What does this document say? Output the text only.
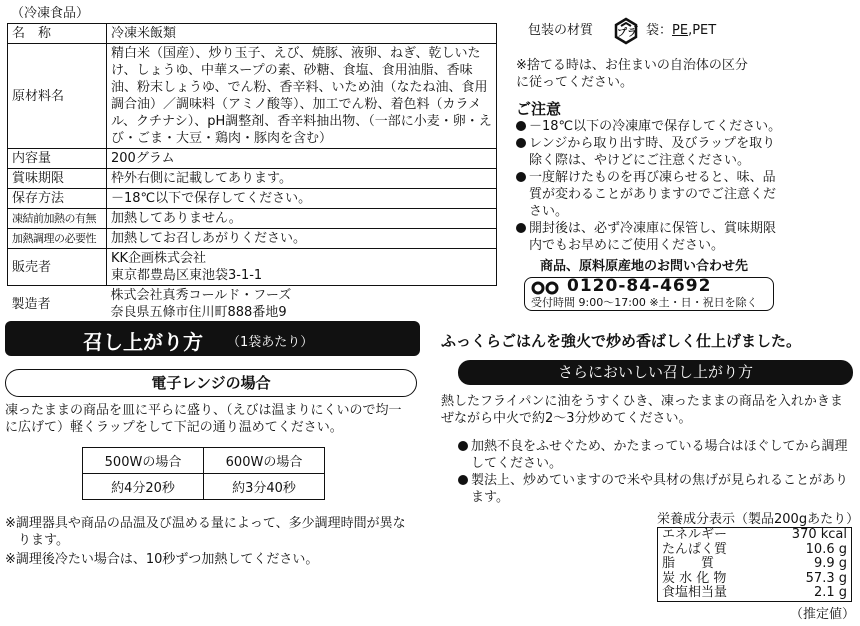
（冷凍食品）
名　称	冷凍米飯類

原材料名	精白米（国産）、炒り玉子、えび、焼豚、液卵、ねぎ、乾しいたけ、しょうゆ、中華スープの素、砂糖、食塩、食用油脂、香味油、粉末しょうゆ、でん粉、香辛料、いため油（なたね油、食用調合油）／調味料（アミノ酸等）、加工でん粉、着色料（カラメル、クチナシ）、pH調整剤、香辛料抽出物、（一部に小麦・卵・えび・ごま・大豆・鶏肉・豚肉を含む）

内容量	200グラム

賞味期限	枠外右側に記載してあります。

保存方法	－18℃以下で保存してください。
凍結前加熱の有無	加熱してありません。
加熱調理の必要性	加熱してお召しあがりください。

販売者	KK企画株式会社
東京都豊島区東池袋3-1-1

製造者	株式会社真秀コールド・フーズ
奈良県五條市住川町888番地9
包装の材質 プラ 袋：PE,PET
※捨てる時は、お住まいの自治体の区分に従ってください。
ご注意
－18℃以下の冷凍庫で保存してください。
レンジから取り出す時、及びラップを取り除く際は、やけどにご注意ください。
一度解けたものを再び凍らせると、味、品質が変わることがありますのでご注意ください。
開封後は、必ず冷凍庫に保管し、賞味期限内でもお早めにご使用ください。
商品、原料原産地のお問い合わせ先
0120-84-4692
受付時間 9:00～17:00 ※土・日・祝日を除く
召し上がり方 （1袋あたり）	ふっくらごはんを強火で炒め香ばしく仕上げました。
電子レンジの場合
凍ったままの商品を皿に平らに盛り、（えびは温まりにくいので均一に広げて）軽くラップをして下記の通り温めてください。
500Wの場合	600Wの場合
約4分20秒	約3分40秒
※調理器具や商品の品温及び温める量によって、多少調理時間が異なります。
※調理後冷たい場合は、10秒ずつ加熱してください。
さらにおいしい召し上がり方
熱したフライパンに油をうすくひき、凍ったままの商品を入れかきまぜながら中火で約2～3分炒めてください。
加熱不良をふせぐため、かたまっている場合はほぐしてから調理してください。
製法上、炒めていますので米や具材の焦げが見られることがあります。
栄養成分表示（製品200gあたり）
エネルギー	370 kcal
たんぱく質	10.6 g
脂　　質	9.9 g
炭 水 化 物	57.3 g
食塩相当量	2.1 g
（推定値）
